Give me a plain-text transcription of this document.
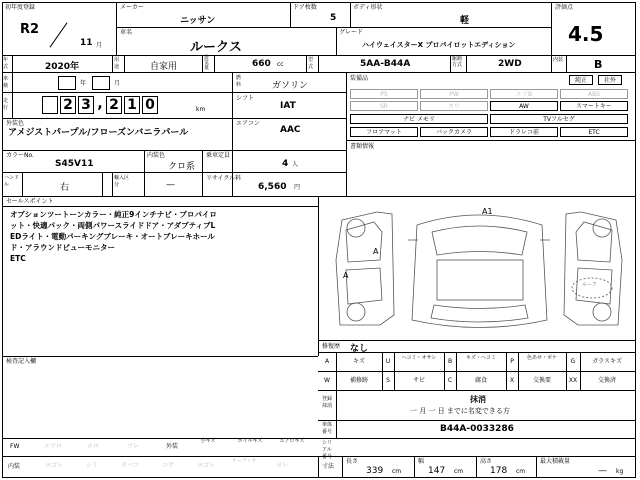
初年度登録
R2
11 月
メーカー
ニッサン
ドア枚数
5
ボディ形状
軽
評価点
4.5
車名
ルークス
グレード
ハイウェイスターX プロパイロットエディション
年式	2020年
用途	自家用
排気量	660 cc
型式	5AA-B44A	駆動方式	2WD	内装	B
車検	年	月
走行	2 3 , 2 1 0	km
燃料	ガソリン
シフト
IAT
エアコン
AAC
外装色
アメジストパープル/フローズンバニラパール
カラーNo.
S45V11
内装色
クロ系
乗車定員
4 人
ハンドル	右
輸入区分	—
リサイクル料
6,560 円
装備品	純正	社外
PS	PW	エアB	ABS
SR	カワ	AW	スマートキー
ナビ メモリ	TVフルセグ
フロアマット	バックカメラ	ドラレコ前	ETC
書類情報
セールスポイント
オプションツートーンカラー・純正9インチナビ・プロパイロ
ット・快適パック・両側パワースライドドア・アダプティブL
EDライト・電動パーキングブレーキ・オートブレーキホール
ド・アラウンドビューモニター
ETC
A1
A
A
ルーフ
検査記入欄
修復歴 なし
A	キズ	U	ヘコミ・オサレ	B	キズ・ヘコミ	P	色あせ・ボケ	G	ガラスキズ
W	補修跡	S	サビ	C	腐食	X	交換要	XX	交換済
登録抹消
抹消
一 月 一 日 までに名変できる方
車体番号	B44A-0033286
シリアル番号
FW	エアロ	ホロ	ツレ	外装
小キズ	ホイルキズ	エアロキズ
内装	ヨゴレ	シミ	タバコ	コゲ	ヨゴレ
オーディオ
ヨレ	寸法
長さ
339 cm
幅
147 cm
高さ
178 cm
最大積載量
— kg
